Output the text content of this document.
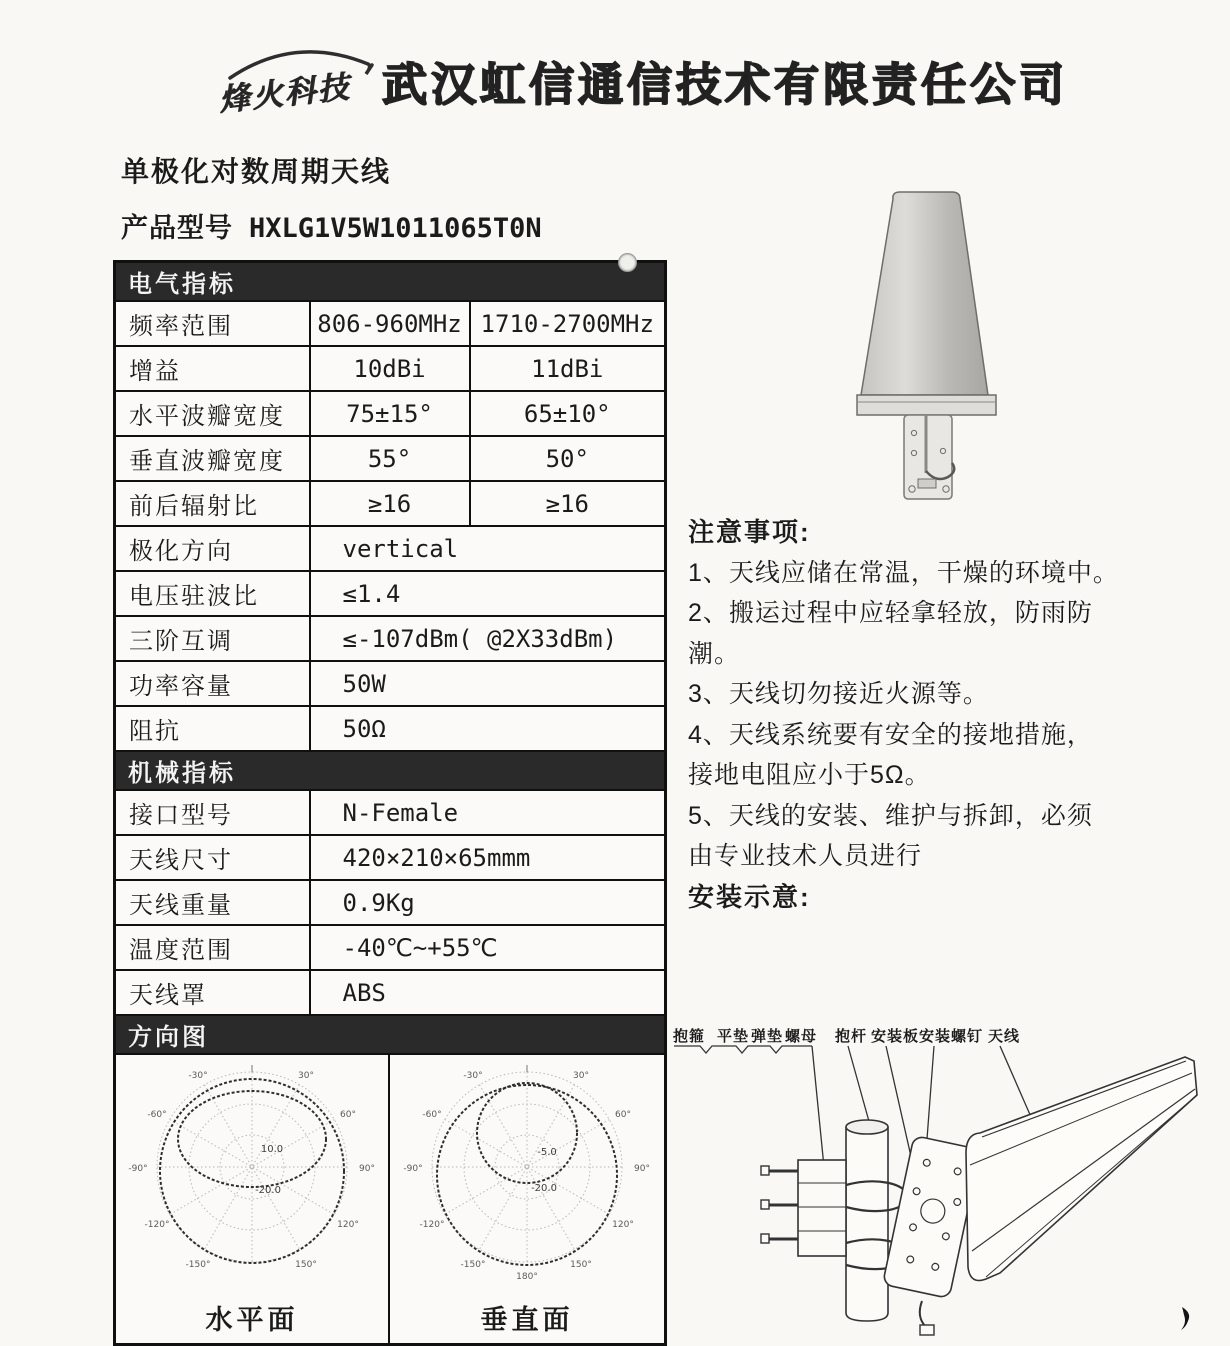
烽火科技 武汉虹信通信技术有限责任公司
单极化对数周期天线
产品型号 HXLG1V5W1011065T0N
电气指标		
频率范围	806-960MHz	1710-2700MHz
增益	10dBi	11dBi
水平波瓣宽度	75±15°	65±10°
垂直波瓣宽度	55°	50°
前后辐射比	≥16	≥16
极化方向	vertical	
电压驻波比	≤1.4	
三阶互调	≤-107dBm( @2X33dBm)	
功率容量	50W	
阻抗	50Ω	
机械指标		
接口型号	N-Female	
天线尺寸	420×210×65mmm	
天线重量	0.9Kg	
温度范围	-40℃~+55℃	
天线罩	ABS	
方向图		

-30°	30°
-60°	60°
-90°	90°
-120°	120°
-150°	150°
10.0
-20.0
水平面
-30°	30°
-60°	60°
-90°	90°
-120°	120°
-150°	150°
180°
-5.0
-20.0
垂直面
注意事项:
1、天线应储在常温，干燥的环境中。
2、搬运过程中应轻拿轻放，防雨防
潮。
3、天线切勿接近火源等。
4、天线系统要有安全的接地措施，
接地电阻应小于5Ω。
5、天线的安装、维护与拆卸，必须
由专业技术人员进行
安装示意:
抱箍 平垫 弹垫 螺母 抱杆 安装板 安装螺钉 天线
